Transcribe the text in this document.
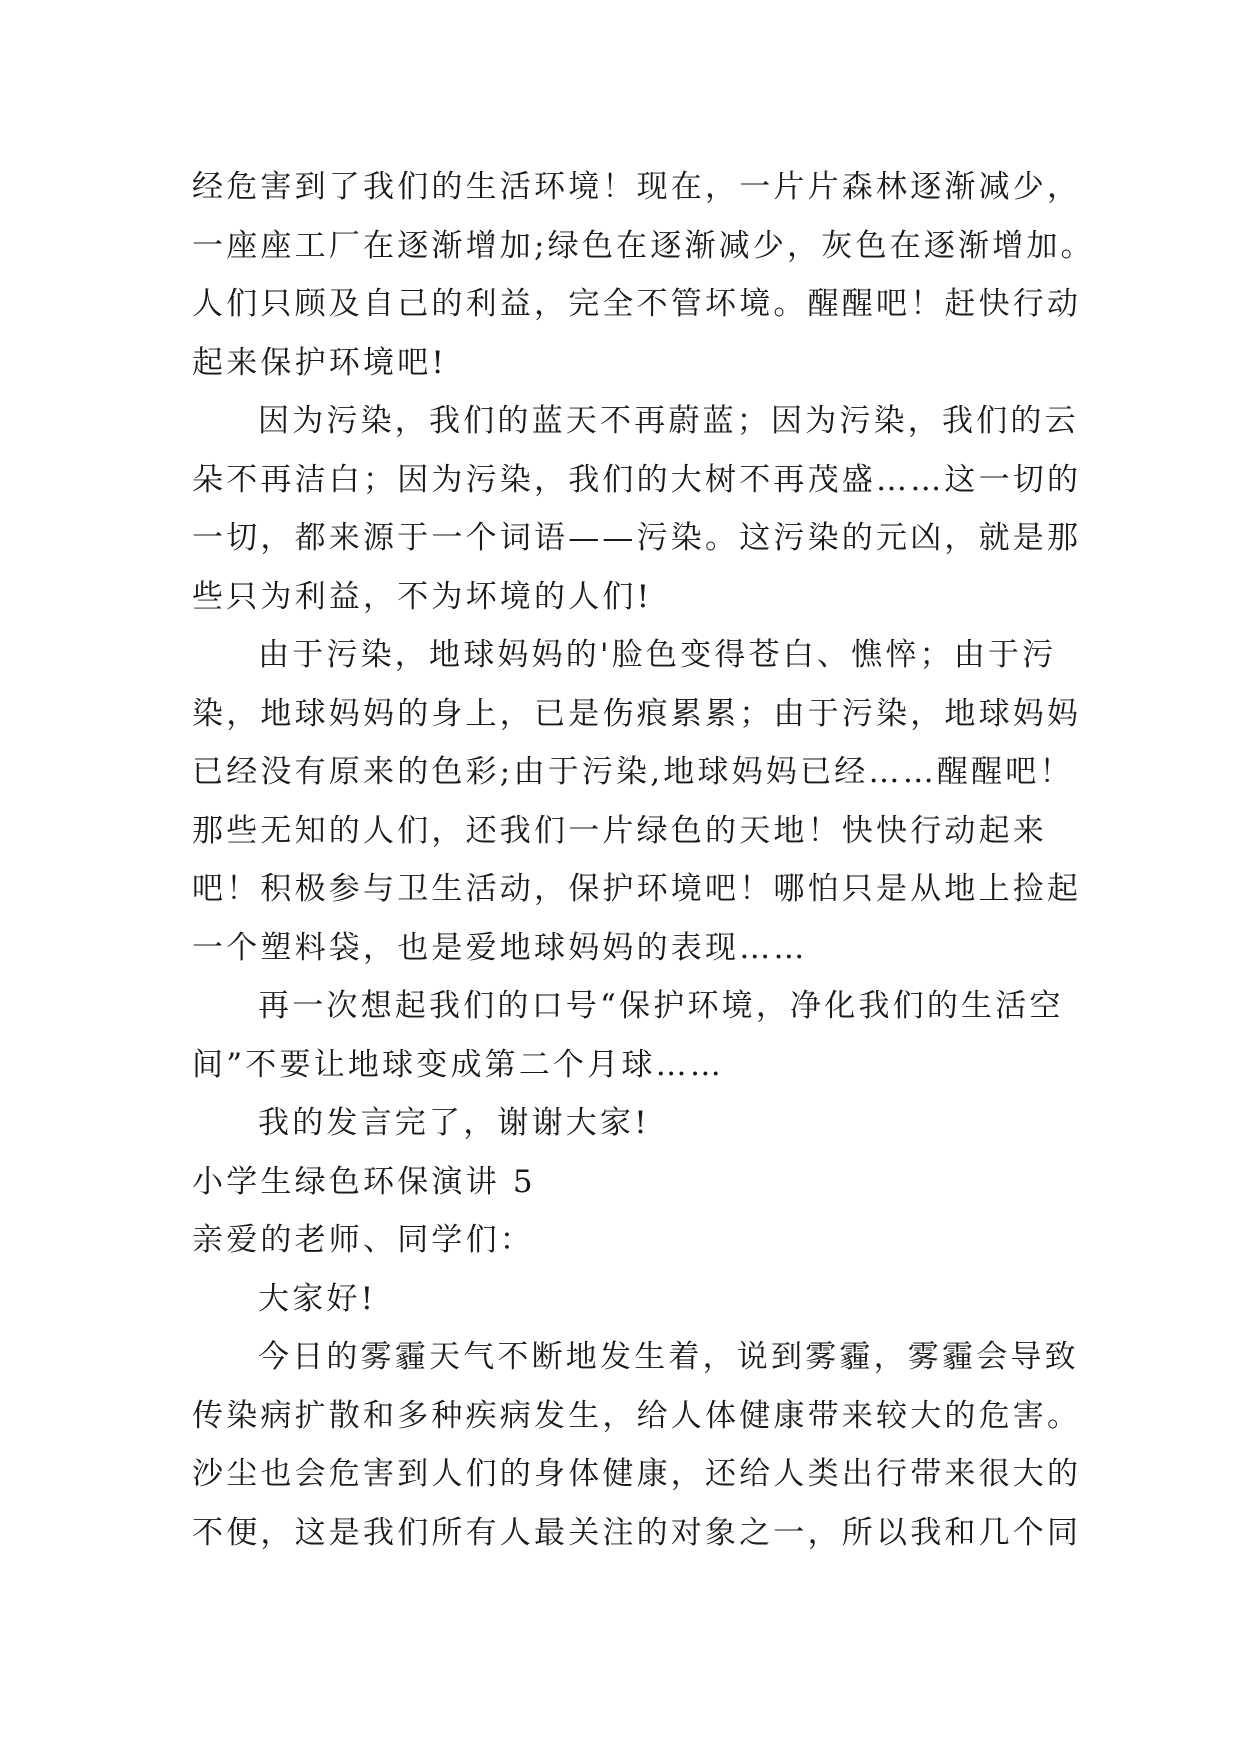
经危害到了我们的生活环境！现在，一片片森林逐渐减少，
一座座工厂在逐渐增加;绿色在逐渐减少，灰色在逐渐增加。
人们只顾及自己的利益，完全不管坏境。醒醒吧！赶快行动
起来保护环境吧!
因为污染，我们的蓝天不再蔚蓝；因为污染，我们的云
朵不再洁白；因为污染，我们的大树不再茂盛……这一切的
一切，都来源于一个词语——污染。这污染的元凶，就是那
些只为利益，不为坏境的人们!
由于污染，地球妈妈的'脸色变得苍白、憔悴；由于污
染，地球妈妈的身上，已是伤痕累累；由于污染，地球妈妈
已经没有原来的色彩;由于污染,地球妈妈已经……醒醒吧！
那些无知的人们，还我们一片绿色的天地！快快行动起来
吧！积极参与卫生活动，保护环境吧！哪怕只是从地上捡起
一个塑料袋，也是爱地球妈妈的表现……
再一次想起我们的口号“保护环境，净化我们的生活空
间”不要让地球变成第二个月球……
我的发言完了，谢谢大家!
小学生绿色环保演讲 5
亲爱的老师、同学们：
大家好!
今日的雾霾天气不断地发生着，说到雾霾，雾霾会导致
传染病扩散和多种疾病发生，给人体健康带来较大的危害。
沙尘也会危害到人们的身体健康，还给人类出行带来很大的
不便，这是我们所有人最关注的对象之一，所以我和几个同
